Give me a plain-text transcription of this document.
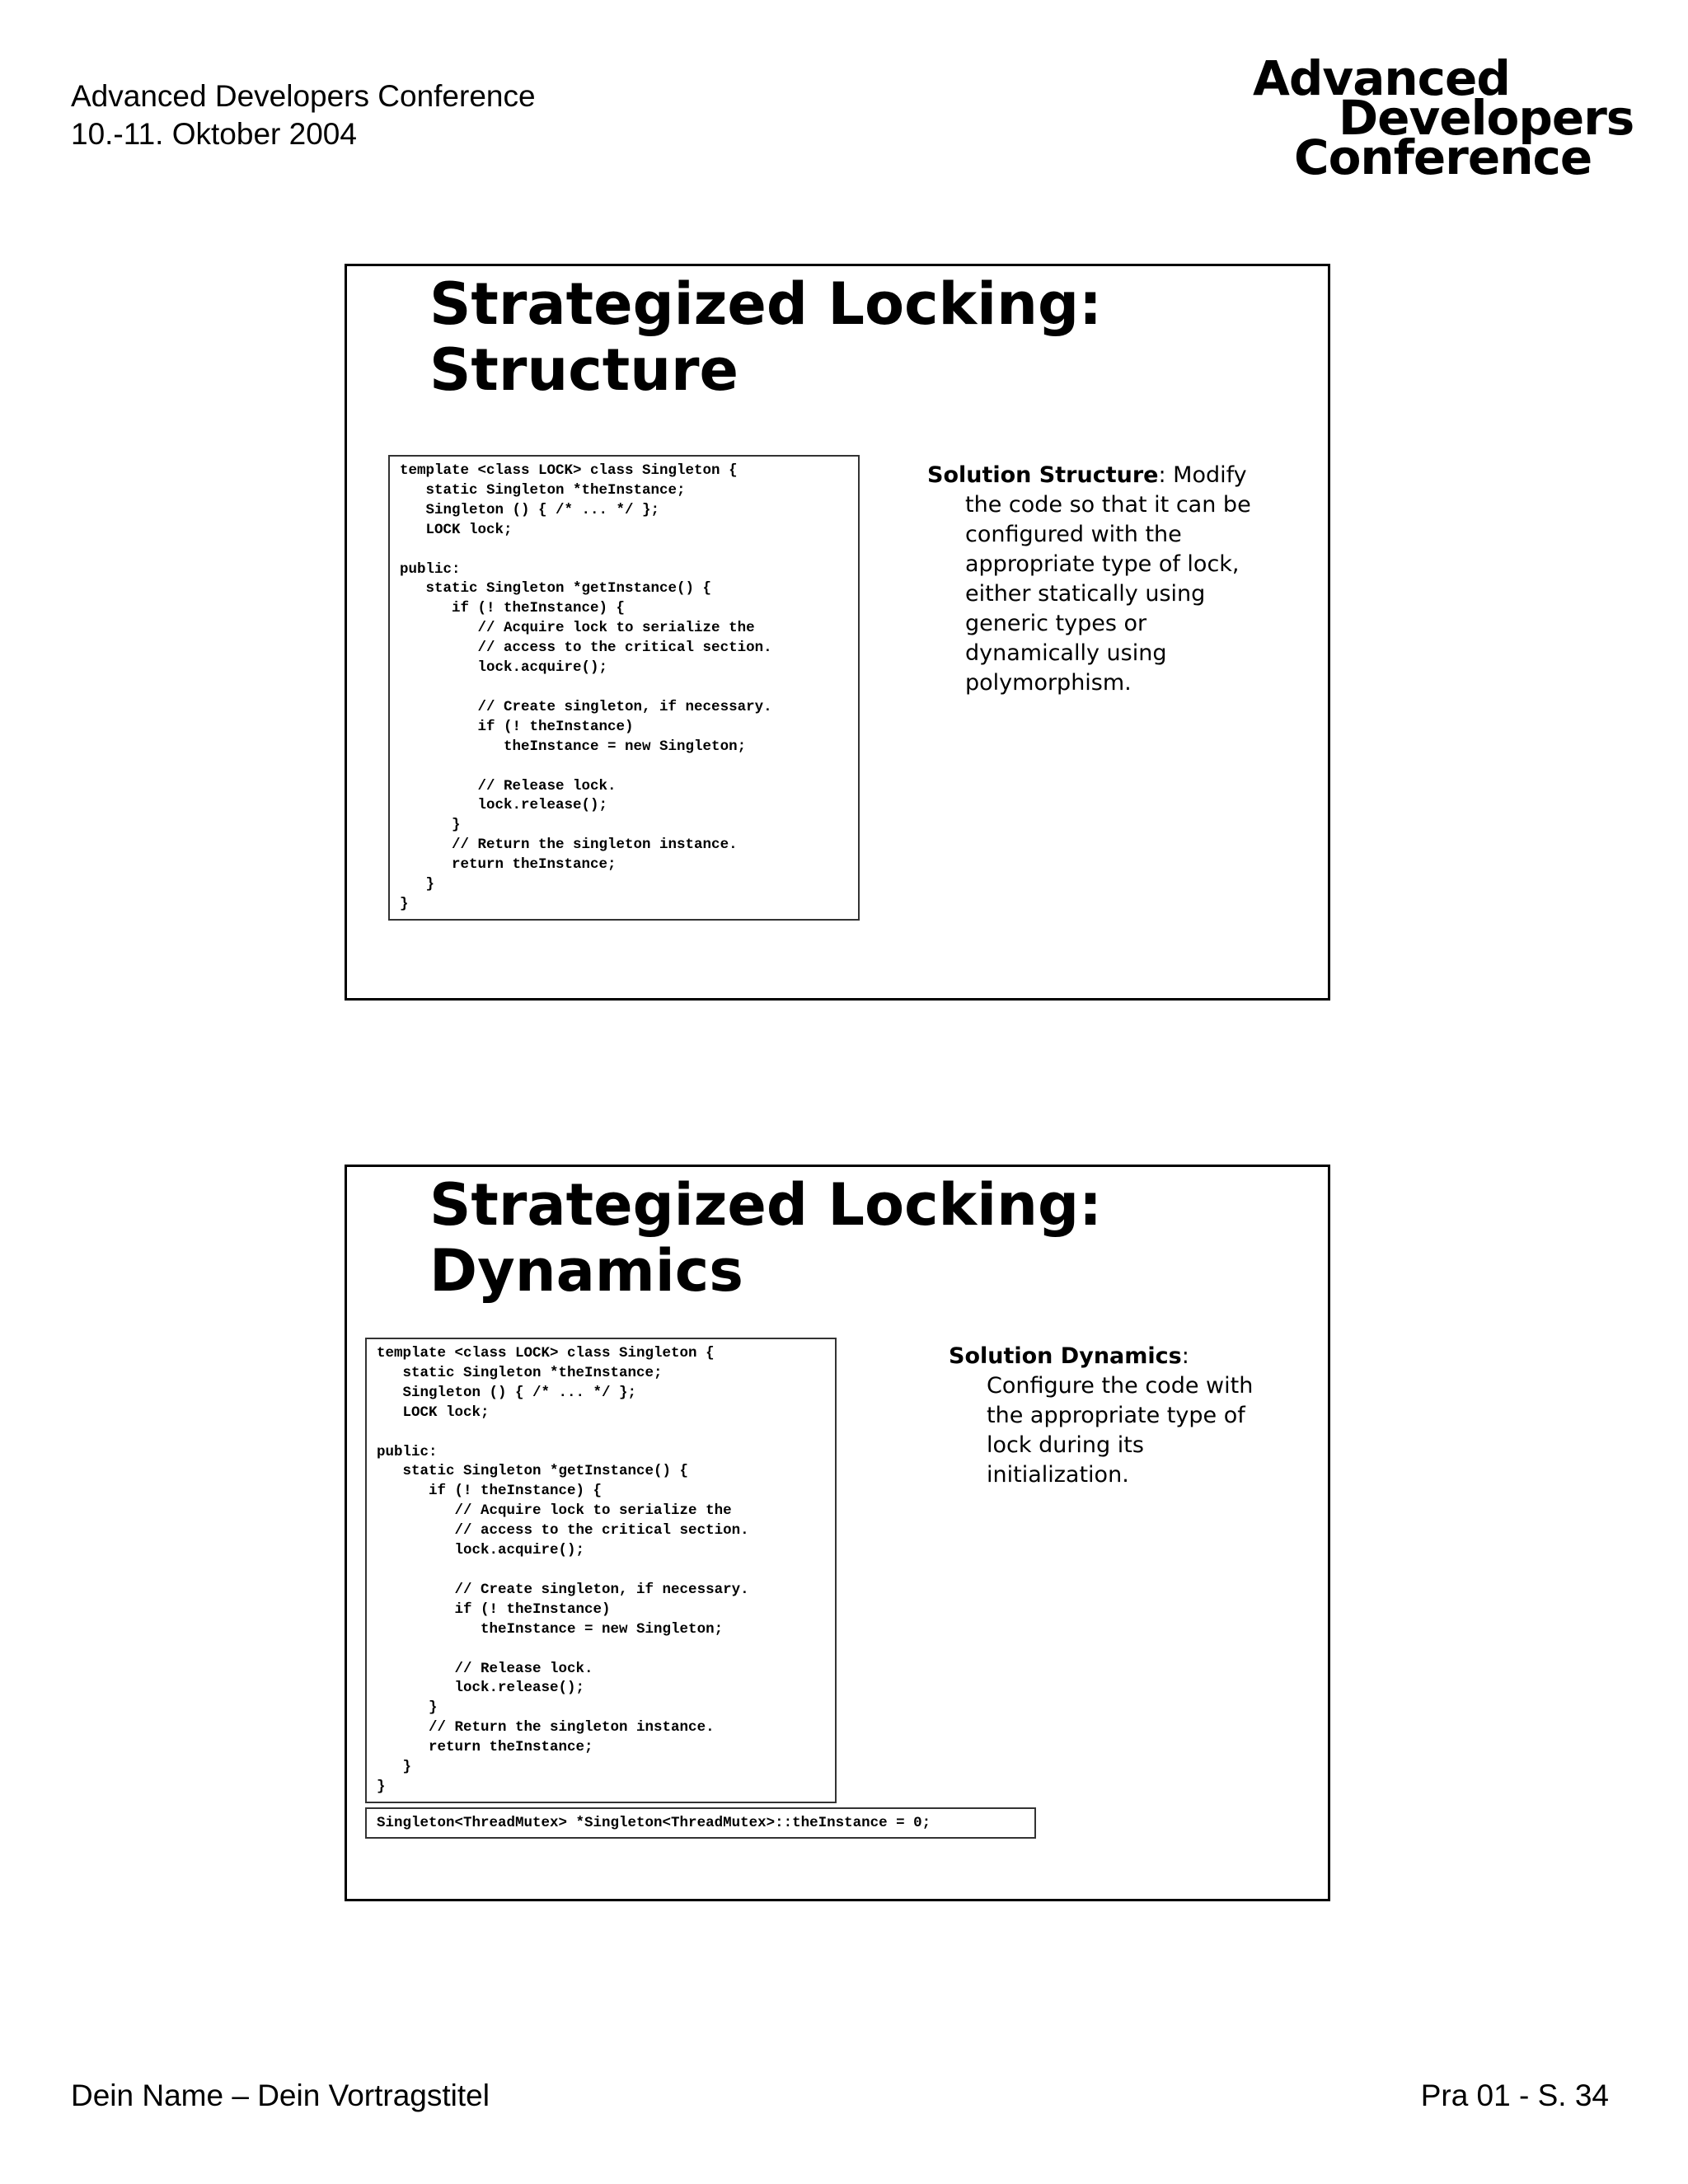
Advanced Developers Conference
10.-11. Oktober 2004
Advanced
Developers
Conference
Strategized Locking:
Structure
template <class LOCK> class Singleton {
static Singleton *theInstance;
Singleton () { /* ... */ };
LOCK lock;

public:
static Singleton *getInstance() {
if (! theInstance) {
// Acquire lock to serialize the
// access to the critical section.
lock.acquire();

// Create singleton, if necessary.
if (! theInstance)
theInstance = new Singleton;

// Release lock.
lock.release();
}
// Return the singleton instance.
return theInstance;
}
}
Solution Structure: Modify
the code so that it can be configured with the appropriate type of lock, either statically using generic types or dynamically using polymorphism.
Strategized Locking:
Dynamics
template <class LOCK> class Singleton {
static Singleton *theInstance;
Singleton () { /* ... */ };
LOCK lock;

public:
static Singleton *getInstance() {
if (! theInstance) {
// Acquire lock to serialize the
// access to the critical section.
lock.acquire();

// Create singleton, if necessary.
if (! theInstance)
theInstance = new Singleton;

// Release lock.
lock.release();
}
// Return the singleton instance.
return theInstance;
}
}
Singleton<ThreadMutex> *Singleton<ThreadMutex>::theInstance = 0;
Solution Dynamics:
Configure the code with the appropriate type of lock during its initialization.
Dein Name – Dein Vortragstitel	Pra 01 - S. 34
